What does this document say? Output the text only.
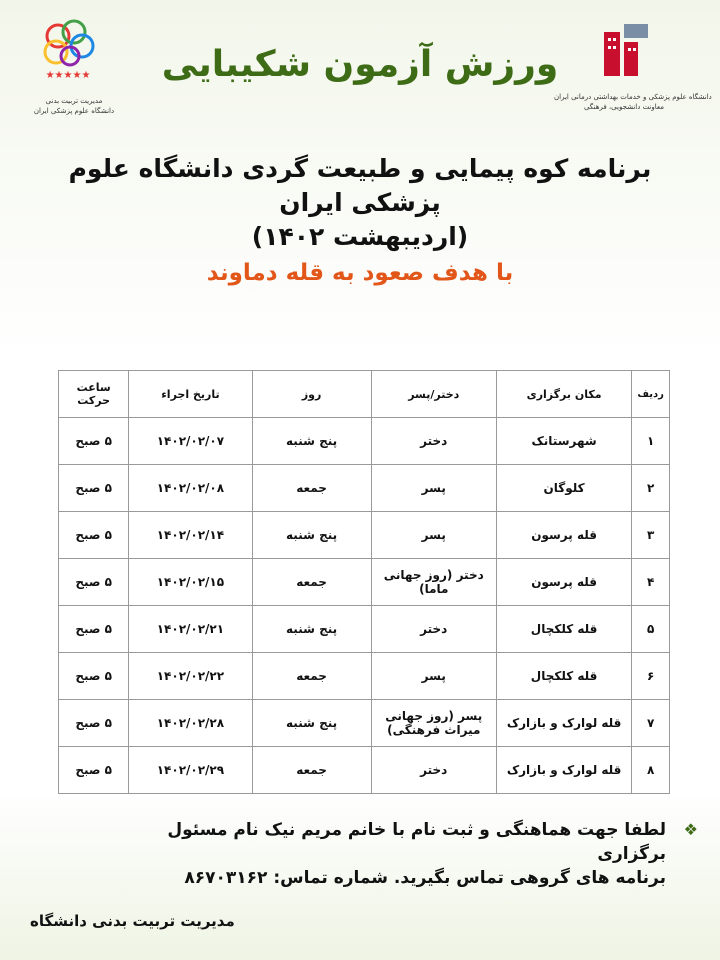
دانشگاه علوم پزشکی و خدمات بهداشتی درمانی ایران
معاونت دانشجویی، فرهنگی
★★★★★
مدیریت تربیت بدنی
دانشگاه علوم پزشکی ایران
ورزش آزمون شکیبایی
برنامه کوه پیمایی و طبیعت گردی دانشگاه علوم پزشکی ایران
(اردیبهشت ۱۴۰۲)
با هدف صعود به قله دماوند
ردیف	مکان برگزاری	دختر/پسر	روز	تاریخ اجراء	ساعت حرکت
۱	شهرستانک	دختر	پنج شنبه	۱۴۰۲/۰۲/۰۷	۵ صبح
۲	کلوگان	پسر	جمعه	۱۴۰۲/۰۲/۰۸	۵ صبح
۳	قله پرسون	پسر	پنج شنبه	۱۴۰۲/۰۲/۱۴	۵ صبح
۴	قله پرسون	دختر (روز جهانی ماما)	جمعه	۱۴۰۲/۰۲/۱۵	۵ صبح
۵	قله کلکچال	دختر	پنج شنبه	۱۴۰۲/۰۲/۲۱	۵ صبح
۶	قله کلکچال	پسر	جمعه	۱۴۰۲/۰۲/۲۲	۵ صبح
۷	قله لوارک و بازارک	پسر (روز جهانی میراث فرهنگی)	پنج شنبه	۱۴۰۲/۰۲/۲۸	۵ صبح
۸	قله لوارک و بازارک	دختر	جمعه	۱۴۰۲/۰۲/۲۹	۵ صبح
❖
لطفا جهت هماهنگی و ثبت نام با خانم مریم نیک نام مسئول برگزاری
برنامه های گروهی تماس بگیرید. شماره تماس: ۸۶۷۰۳۱۶۲
مدیریت تربیت بدنی دانشگاه
